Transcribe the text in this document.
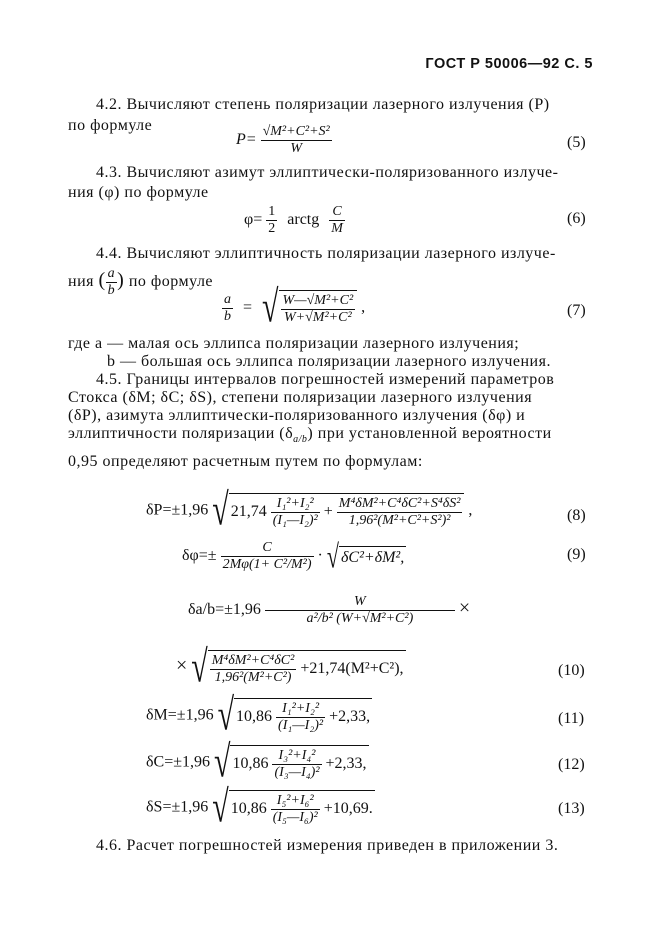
ГОСТ Р 50006—92 С. 5
4.2. Вычисляют степень поляризации лазерного излучения (P)
по формуле
$P= \frac{\text{√M²+C²+S²}}{W}$	(5)
4.3. Вычисляют азимут эллиптически-поляризованного излуче-
ния (φ) по формуле
$\varphi= \frac{1}{2}$ arctg $\frac{C}{M}$	(6)
4.4. Вычисляют эллиптичность поляризации лазерного излуче-
ния ( $\frac{a}{b}$ ) по формуле
$\frac{a}{b}$ = √ $\frac{\text{W—√M²+C²}}{\text{W+√M²+C²}}$ ,	(7)
где a — малая ось эллипса поляризации лазерного излучения;
b — большая ось эллипса поляризации лазерного излучения.
4.5. Границы интервалов погрешностей измерений параметров
Стокса (δM; δC; δS), степени поляризации лазерного излучения
(δP), азимута эллиптически-поляризованного излучения (δφ) и
эллиптичности поляризации $(\delta_{a/b})$ при установленной вероятности
0,95 определяют расчетным путем по формулам:
δP=±1,96 √ $21,74 \frac{\text{I₁²+I₂²}}{\text{(I₁—I₂)²}} + \frac{\text{M⁴δM²+C⁴δC²+S⁴δS²}}{\text{1,96²(M²+C²+S²)²}}$ ,	(8)
$\delta\varphi=\pm \frac{C}{\text{2Mφ(1+ C²/M²)}}$ · √ δC²+δM²,	(9)
$\delta a/b=\pm 1,96 \frac{W}{\text{a²/b² (W+√M²+C²)}}$ ×
× √ $\frac{\text{M⁴δM²+C⁴δC²}}{\text{1,96²(M²+C²)}} +21,74(M^2+C^2)$,	(10)
δM=±1,96 √ $10,86 \frac{\text{I₁²+I₂²}}{\text{(I₁—I₂)²}} +2,33$,	(11)
δC=±1,96 √ $10,86 \frac{\text{I₃²+I₄²}}{\text{(I₃—I₄)²}} +2,33$,	(12)
δS=±1,96 √ $10,86 \frac{\text{I₅²+I₆²}}{\text{(I₅—I₆)²}} +10,69$.	(13)
4.6. Расчет погрешностей измерения приведен в приложении 3.
